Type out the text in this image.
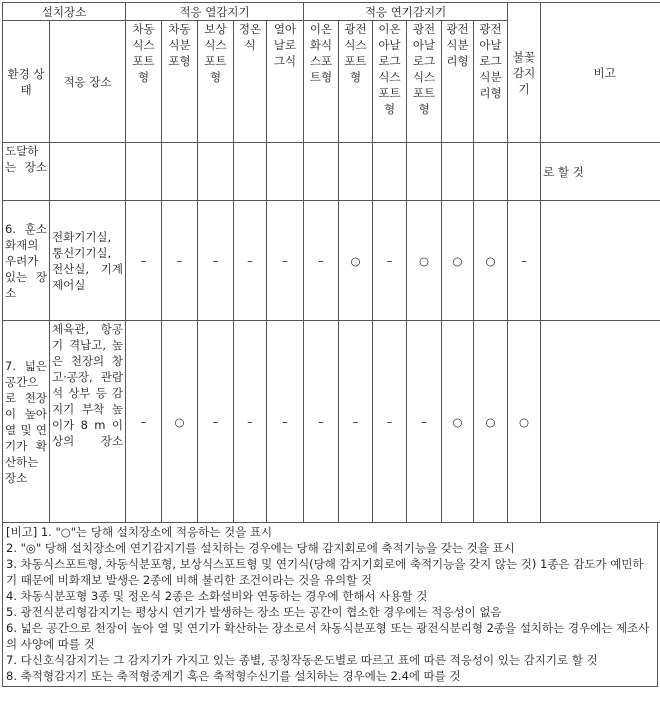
설치장소		적응 열감지기					적응 연기감지기						불꽃감지기	비고
환경 상태	적응 장소	차동식스포트형	차동식분포형	보상식스포트형	정온식	열아날로그식	이온화식스포트형	광전식스포트형	이온아날로그식스포트형	광전아날로그식스포트형	광전식분리형	광전아날로그식분리형		
도달하는 장소														로 할 것
6. 훈소화재의 우려가 있는 장소	전화기기실, 통신기기실, 전산실, 기계제어실	–	–	–	–	–	–	○	–	○	○	○	–	
7. 넓은 공간으로 천장이 높아 열 및 연기가 확산하는 장소	체육관, 항공기 격납고, 높은 천장의 창고·공장, 관람석 상부 등 감지기 부착 높이가 8 m 이상의 장소	–	○	–	–	–	–	–	–	–	○	○	○	
[비고] 1. "○"는 당해 설치장소에 적응하는 것을 표시
2. "◎" 당해 설치장소에 연기감지기를 설치하는 경우에는 당해 감지회로에 축적기능을 갖는 것을 표시
3. 차동식스포트형, 차동식분포형, 보상식스포트형 및 연기식(당해 감지기회로에 축적기능을 갖지 않는 것) 1종은 감도가 예민하기 때문에 비화재보 발생은 2종에 비해 불리한 조건이라는 것을 유의할 것
4. 차동식분포형 3종 및 정온식 2종은 소화설비와 연동하는 경우에 한해서 사용할 것
5. 광전식분리형감지기는 평상시 연기가 발생하는 장소 또는 공간이 협소한 경우에는 적응성이 없음
6. 넓은 공간으로 천장이 높아 열 및 연기가 확산하는 장소로서 차동식분포형 또는 광전식분리형 2종을 설치하는 경우에는 제조사의 사양에 따를 것
7. 다신호식감지기는 그 감지기가 가지고 있는 종별, 공칭작동온도별로 따르고 표에 따른 적응성이 있는 감지기로 할 것
8. 축적형감지기 또는 축적형중계기 혹은 축적형수신기를 설치하는 경우에는 2.4에 따를 것
